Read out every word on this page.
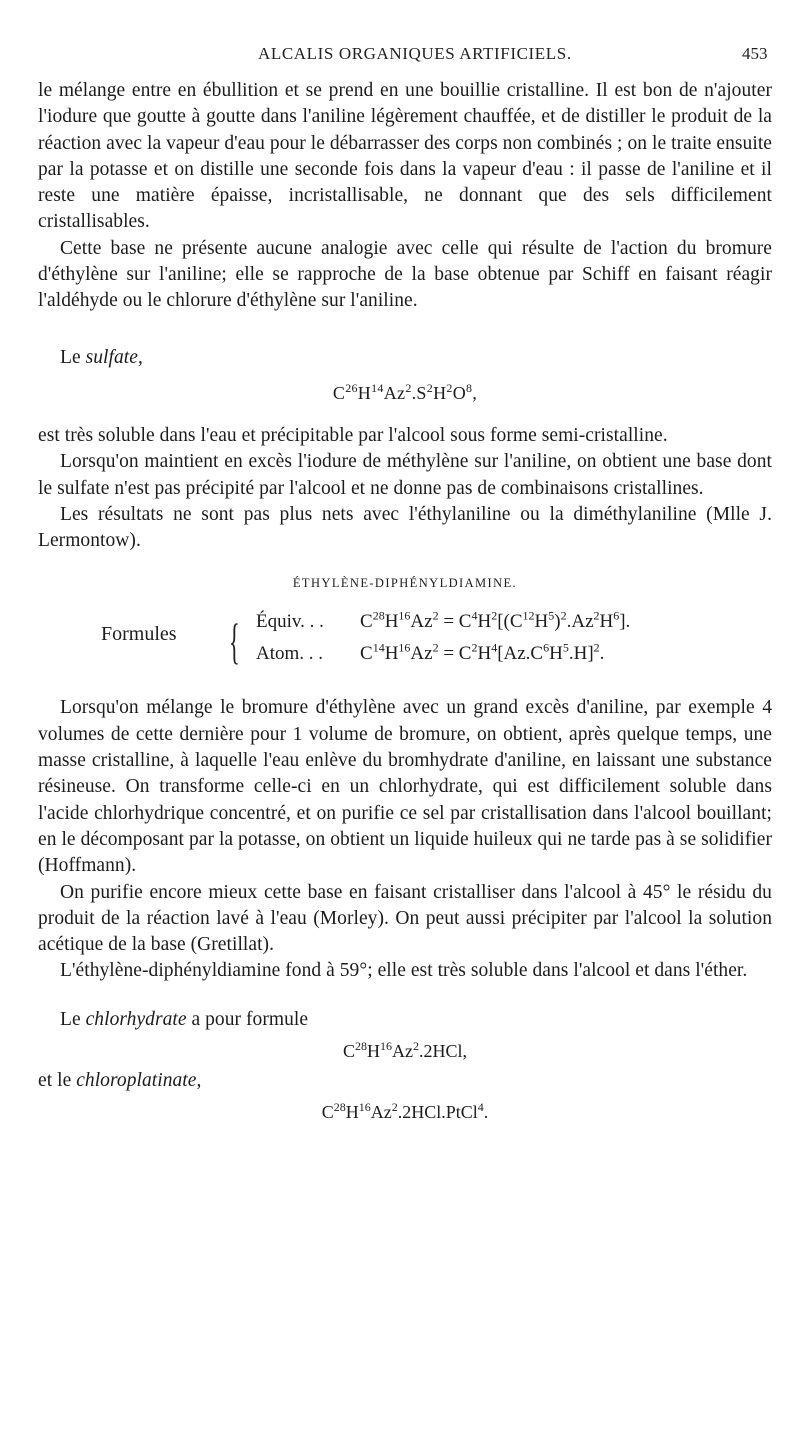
ALCALIS ORGANIQUES ARTIFICIELS.	453

le mélange entre en ébullition et se prend en une bouillie cristalline. Il est bon de n'ajouter l'iodure que goutte à goutte dans l'aniline légèrement chauffée, et de distiller le produit de la réaction avec la vapeur d'eau pour le débarrasser des corps non combinés ; on le traite ensuite par la potasse et on distille une seconde fois dans la vapeur d'eau : il passe de l'aniline et il reste une matière épaisse, incristallisable, ne donnant que des sels difficilement cristallisables.

Cette base ne présente aucune analogie avec celle qui résulte de l'action du bromure d'éthylène sur l'aniline; elle se rapproche de la base obtenue par Schiff en faisant réagir l'aldéhyde ou le chlorure d'éthylène sur l'aniline.

Le sulfate,

$C^{26}H^{14}Az^2.S^2H^2O^8$,

est très soluble dans l'eau et précipitable par l'alcool sous forme semi-cristalline.

Lorsqu'on maintient en excès l'iodure de méthylène sur l'aniline, on obtient une base dont le sulfate n'est pas précipité par l'alcool et ne donne pas de combinaisons cristallines.

Les résultats ne sont pas plus nets avec l'éthylaniline ou la diméthylaniline (Mlle J. Lermontow).

ÉTHYLÈNE-DIPHÉNYLDIAMINE.
Formules { Équiv. . . $C^{28}H^{16}Az^2 = C^4H^2[(C^{12}H^5)^2.Az^2H^6]$.
Atom. . . $C^{14}H^{16}Az^2 = C^2H^4[Az.C^6H^5.H]^2$.

Lorsqu'on mélange le bromure d'éthylène avec un grand excès d'aniline, par exemple 4 volumes de cette dernière pour 1 volume de bromure, on obtient, après quelque temps, une masse cristalline, à laquelle l'eau enlève du bromhydrate d'aniline, en laissant une substance résineuse. On transforme celle-ci en un chlorhydrate, qui est difficilement soluble dans l'acide chlorhydrique concentré, et on purifie ce sel par cristallisation dans l'alcool bouillant; en le décomposant par la potasse, on obtient un liquide huileux qui ne tarde pas à se solidifier (Hoffmann).

On purifie encore mieux cette base en faisant cristalliser dans l'alcool à 45° le résidu du produit de la réaction lavé à l'eau (Morley). On peut aussi précipiter par l'alcool la solution acétique de la base (Gretillat).

L'éthylène-diphényldiamine fond à 59°; elle est très soluble dans l'alcool et dans l'éther.

Le chlorhydrate a pour formule

$C^{28}H^{16}Az^2.2HCl$,

et le chloroplatinate,

$C^{28}H^{16}Az^2.2HCl.PtCl^4$.
